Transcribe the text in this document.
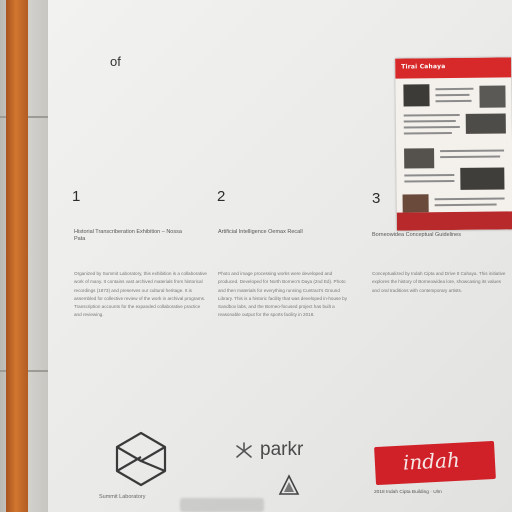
of	Tirai Cahaya
1
Historial Transcriberation Exhibition – Nossa Pata
Organized by Summit Laboratory, this exhibition is a collaborative work of many. It contains vast archived materials from historical recordings (1873) and preserves our cultural heritage. It is assembled for collective review of the work in archival programs. Transcription accounts for the expanded collaborative practice and reviewing.
2
Artificial Intelligence Oemax Recall
Photo and image processing works were developed and produced. Developed for North Borneo's Daya (2nd Ed). Photo and then materials for everything running Cuntract's Ground Library. This is a historic facility that was developed in-house by Sandbox labs, and the Borneo-focused project has built a reasonable output for the sports facility in 2018.
3
Borneowidea Conceptual Guidelines
Conceptualized by Indah Cipta and Drive It Cahaya. This initiative explores the history of Borneowidea lore, showcasing its values and oral traditions with contemporary artists.
Summit Laboratory
parkr	indah
2018 Indah Cipta Building · Ulm
